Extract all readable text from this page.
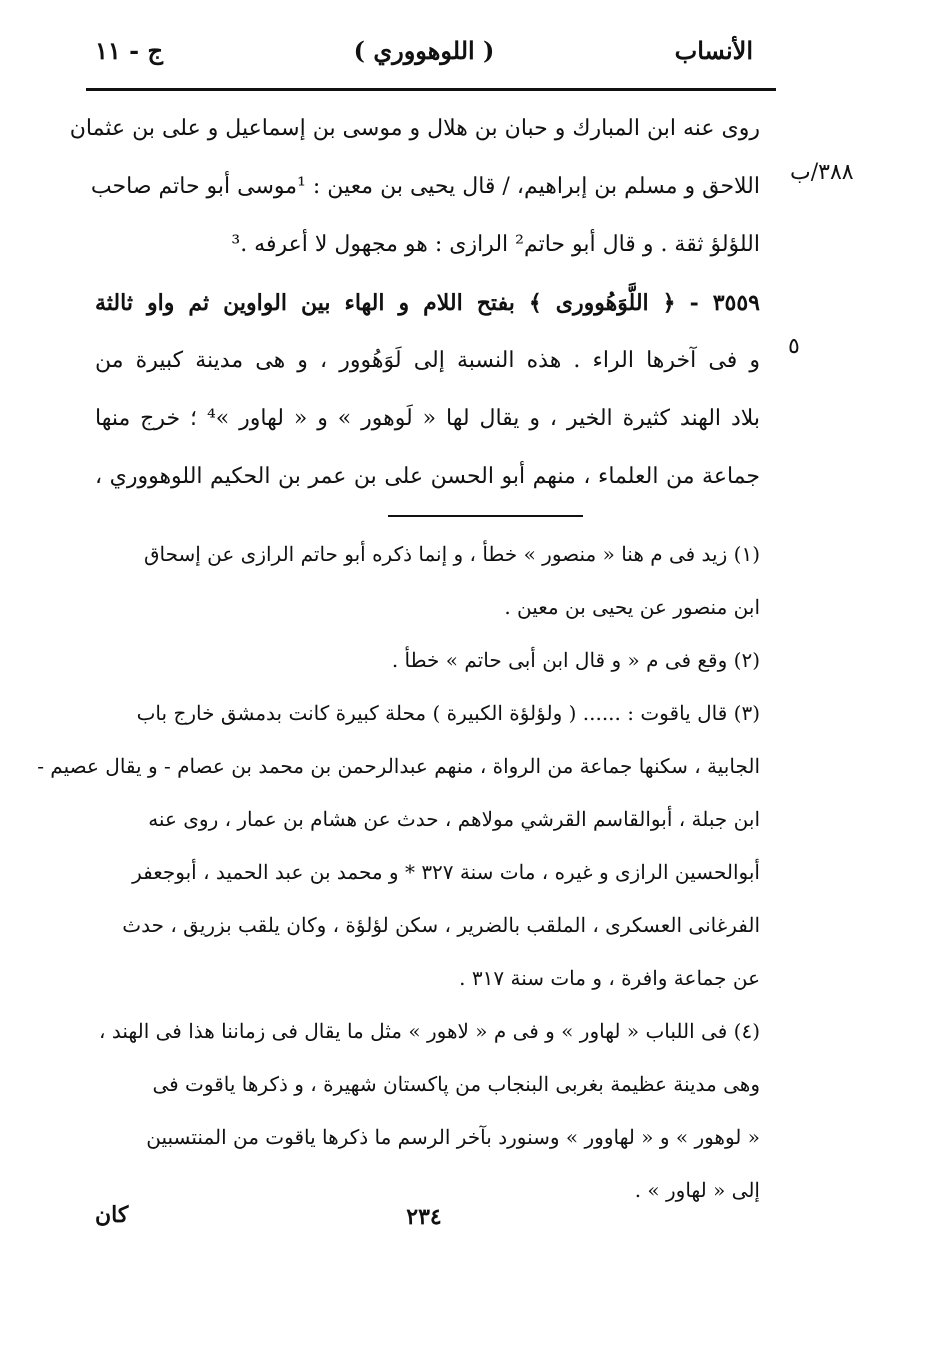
الأنساب
( اللوهووري )
ج - ١١
٣٨٨/ب
٥
روى عنه ابن المبارك و حبان بن هلال و موسى بن إسماعيل و على بن عثمان
اللاحق و مسلم بن إبراهيم، / قال يحيى بن معين : ¹موسى أبو حاتم صاحب
اللؤلؤ ثقة . و قال أبو حاتم² الرازى : هو مجهول لا أعرفه .³
٣٥٥٩ - ﴿ اللَّوَهُوورى ﴾ بفتح اللام و الهاء بين الواوين ثم واو ثالثة
و فى آخرها الراء . هذه النسبة إلى لَوَهُوور ، و هى مدينة كبيرة من
بلاد الهند كثيرة الخير ، و يقال لها « لَوهور » و « لهاور »⁴ ؛ خرج منها
جماعة من العلماء ، منهم أبو الحسن على بن عمر بن الحكيم اللوهووري ،
(١) زيد فى م هنا « منصور » خطأ ، و إنما ذكره أبو حاتم الرازى عن إسحاق
ابن منصور عن يحيى بن معين .
(٢) وقع فى م « و قال ابن أبى حاتم » خطأ .
(٣) قال ياقوت : ...... ( ولؤلؤة الكبيرة ) محلة كبيرة كانت بدمشق خارج باب
الجابية ، سكنها جماعة من الرواة ، منهم عبدالرحمن بن محمد بن عصام - و يقال عصيم -
ابن جبلة ، أبوالقاسم القرشي مولاهم ، حدث عن هشام بن عمار ، روى عنه
أبوالحسين الرازى و غيره ، مات سنة ٣٢٧ * و محمد بن عبد الحميد ، أبوجعفر
الفرغانى العسكرى ، الملقب بالضرير ، سكن لؤلؤة ، وكان يلقب بزريق ، حدث
عن جماعة وافرة ، و مات سنة ٣١٧ .
(٤) فى اللباب « لهاور » و فى م « لاهور » مثل ما يقال فى زماننا هذا فى الهند ،
وهى مدينة عظيمة بغربى البنجاب من پاكستان شهيرة ، و ذكرها ياقوت فى
« لوهور » و « لهاوور » وسنورد بآخر الرسم ما ذكرها ياقوت من المنتسبين
إلى « لهاور » .
٢٣٤
كان
